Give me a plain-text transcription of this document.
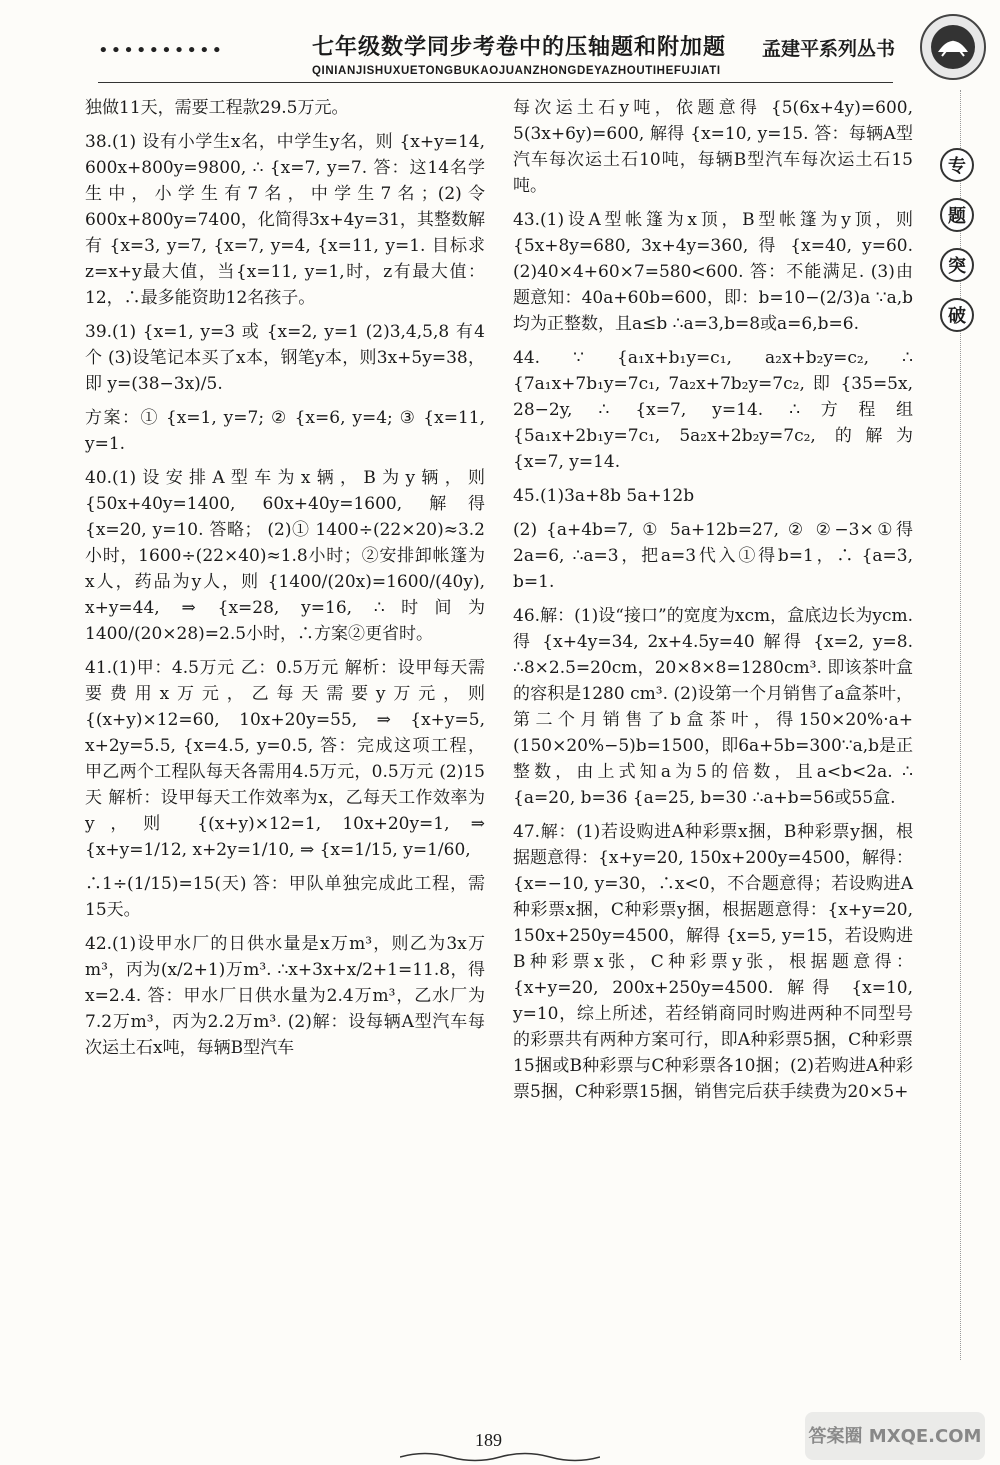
••••••••••	七年级数学同步考卷中的压轴题和附加题 孟建平系列丛书
QINIANJISHUXUETONGBUKAOJUANZHONGDEYAZHOUTIHEFUJIATI
专
题
突
破

独做11天，需要工程款29.5万元。

38.(1) 设有小学生x名，中学生y名，则 {x+y=14, 600x+800y=9800, ∴ {x=7, y=7. 答：这14名学生中，小学生有7名，中学生7名；(2)令600x+800y=7400，化简得3x+4y=31，其整数解有 {x=3, y=7, {x=7, y=4, {x=11, y=1. 目标求z=x+y最大值，当{x=11, y=1,时，z有最大值：12，∴最多能资助12名孩子。

39.(1) {x=1, y=3 或 {x=2, y=1 (2)3,4,5,8 有4个 (3)设笔记本买了x本，钢笔y本，则3x+5y=38，即 y=(38−3x)/5.

方案：① {x=1, y=7; ② {x=6, y=4; ③ {x=11, y=1.

40.(1)设安排A型车为x辆，B为y辆，则 {50x+40y=1400, 60x+40y=1600, 解得 {x=20, y=10. 答略； (2)① 1400÷(22×20)≈3.2小时，1600÷(22×40)≈1.8小时；②安排卸帐篷为x人，药品为y人，则 {1400/(20x)=1600/(40y), x+y=44, ⇒ {x=28, y=16, ∴时间为 1400/(20×28)=2.5小时，∴方案②更省时。

41.(1)甲：4.5万元 乙：0.5万元 解析：设甲每天需要费用x万元，乙每天需要y万元，则 {(x+y)×12=60, 10x+20y=55, ⇒ {x+y=5, x+2y=5.5, {x=4.5, y=0.5, 答：完成这项工程，甲乙两个工程队每天各需用4.5万元，0.5万元 (2)15天 解析：设甲每天工作效率为x，乙每天工作效率为y，则 {(x+y)×12=1, 10x+20y=1, ⇒ {x+y=1/12, x+2y=1/10, ⇒ {x=1/15, y=1/60,

∴1÷(1/15)=15(天) 答：甲队单独完成此工程，需15天。

42.(1)设甲水厂的日供水量是x万m³，则乙为3x万m³，丙为(x/2+1)万m³. ∴x+3x+x/2+1=11.8，得x=2.4. 答：甲水厂日供水量为2.4万m³，乙水厂为7.2万m³，丙为2.2万m³. (2)解：设每辆A型汽车每次运土石x吨，每辆B型汽车

每次运土石y吨，依题意得 {5(6x+4y)=600, 5(3x+6y)=600, 解得 {x=10, y=15. 答：每辆A型汽车每次运土石10吨，每辆B型汽车每次运土石15吨。

43.(1)设A型帐篷为x顶，B型帐篷为y顶，则 {5x+8y=680, 3x+4y=360, 得 {x=40, y=60. (2)40×4+60×7=580<600. 答：不能满足. (3)由题意知：40a+60b=600，即：b=10−(2/3)a ∵a,b均为正整数，且a≤b ∴a=3,b=8或a=6,b=6.

44. ∵ {a₁x+b₁y=c₁, a₂x+b₂y=c₂, ∴ {7a₁x+7b₁y=7c₁, 7a₂x+7b₂y=7c₂, 即 {35=5x, 28−2y, ∴ {x=7, y=14. ∴方程组 {5a₁x+2b₁y=7c₁, 5a₂x+2b₂y=7c₂, 的解为 {x=7, y=14.

45.(1)3a+8b 5a+12b

(2) {a+4b=7, ① 5a+12b=27, ② ②−3×①得2a=6, ∴a=3，把a=3代入①得b=1，∴ {a=3, b=1.

46.解：(1)设“接口”的宽度为xcm，盒底边长为ycm. 得 {x+4y=34, 2x+4.5y=40 解得 {x=2, y=8. ∴8×2.5=20cm，20×8×8=1280cm³. 即该茶叶盒的容积是1280 cm³. (2)设第一个月销售了a盒茶叶，第二个月销售了b盒茶叶，得150×20%·a+(150×20%−5)b=1500，即6a+5b=300∵a,b是正整数，由上式知a为5的倍数，且a<b<2a. ∴ {a=20, b=36 {a=25, b=30 ∴a+b=56或55盒.

47.解：(1)若设购进A种彩票x捆，B种彩票y捆，根据题意得：{x+y=20, 150x+200y=4500，解得：{x=−10, y=30，∴x<0，不合题意得；若设购进A种彩票x捆，C种彩票y捆，根据题意得：{x+y=20, 150x+250y=4500，解得 {x=5, y=15，若设购进B种彩票x张，C种彩票y张，根据题意得：{x+y=20, 200x+250y=4500. 解得 {x=10, y=10，综上所述，若经销商同时购进两种不同型号的彩票共有两种方案可行，即A种彩票5捆，C种彩票15捆或B种彩票与C种彩票各10捆；(2)若购进A种彩票5捆，C种彩票15捆，销售完后获手续费为20×5+

189	答案圈 MXQE.COM
